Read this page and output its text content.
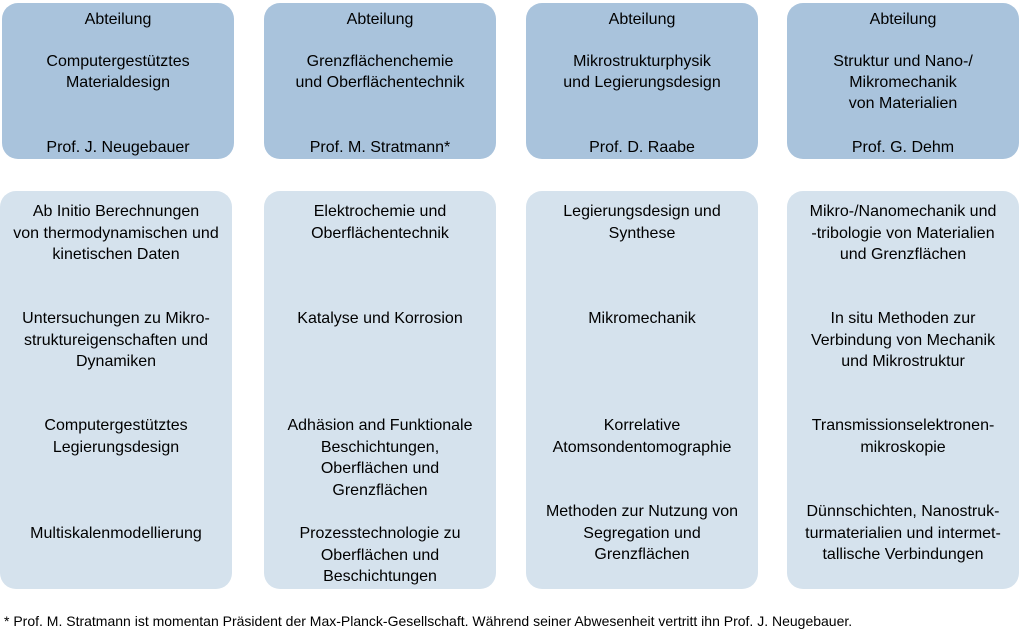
Abteilung
Computergestütztes
Materialdesign
Prof. J. Neugebauer
Ab Initio Berechnungen
von thermodynamischen und
kinetischen Daten
Untersuchungen zu Mikro-
struktureigenschaften und
Dynamiken
Computergestütztes
Legierungsdesign
Multiskalenmodellierung
Abteilung
Grenzflächenchemie
und Oberflächentechnik
Prof. M. Stratmann*
Elektrochemie und
Oberflächentechnik
Katalyse und Korrosion
Adhäsion and Funktionale
Beschichtungen,
Oberflächen und
Grenzflächen
Prozesstechnologie zu
Oberflächen und
Beschichtungen
Abteilung
Mikrostrukturphysik
und Legierungsdesign
Prof. D. Raabe
Legierungsdesign und
Synthese
Mikromechanik
Korrelative
Atomsondentomographie
Methoden zur Nutzung von
Segregation und
Grenzflächen
Abteilung
Struktur und Nano-/
Mikromechanik
von Materialien
Prof. G. Dehm
Mikro-/Nanomechanik und
-tribologie von Materialien
und Grenzflächen
In situ Methoden zur
Verbindung von Mechanik
und Mikrostruktur
Transmissionselektronen-
mikroskopie
Dünnschichten, Nanostruk-
turmaterialien und intermet-
tallische Verbindungen
* Prof. M. Stratmann ist momentan Präsident der Max-Planck-Gesellschaft. Während seiner Abwesenheit vertritt ihn Prof. J. Neugebauer.
